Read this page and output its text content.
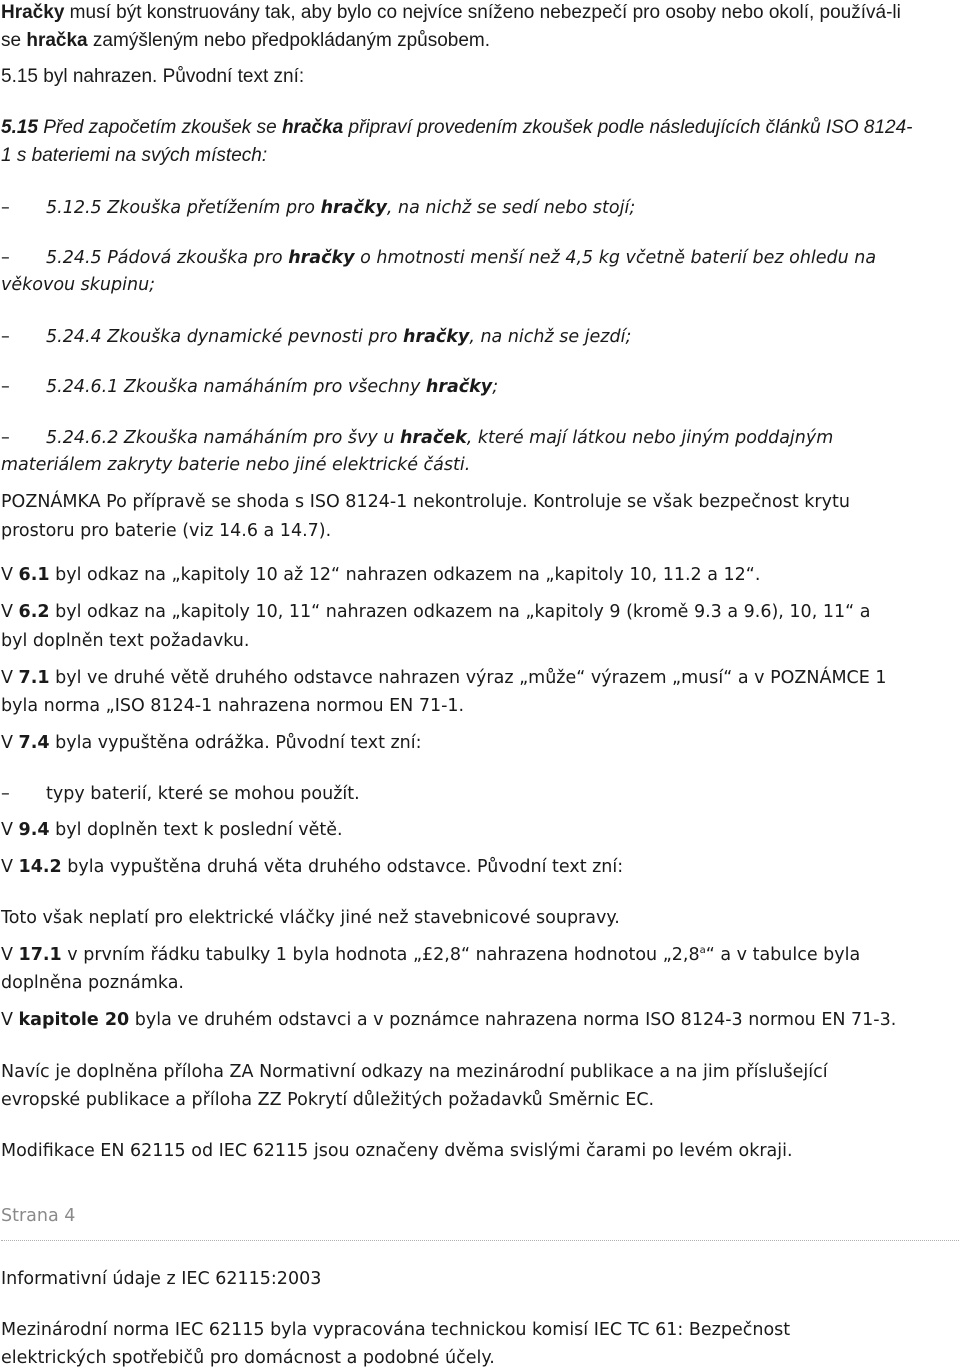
Hračky musí být konstruovány tak, aby bylo co nejvíce sníženo nebezpečí pro osoby nebo okolí, používá-li
se hračka zamýšleným nebo předpokládaným způsobem.
5.15 byl nahrazen. Původní text zní:
5.15 Před započetím zkoušek se hračka připraví provedením zkoušek podle následujících článků ISO 8124-
1 s bateriemi na svých místech:
– 5.12.5 Zkouška přetížením pro hračky, na nichž se sedí nebo stojí;
– 5.24.5 Pádová zkouška pro hračky o hmotnosti menší než 4,5 kg včetně baterií bez ohledu na
věkovou skupinu;
– 5.24.4 Zkouška dynamické pevnosti pro hračky, na nichž se jezdí;
– 5.24.6.1 Zkouška namáháním pro všechny hračky;
– 5.24.6.2 Zkouška namáháním pro švy u hraček, které mají látkou nebo jiným poddajným
materiálem zakryty baterie nebo jiné elektrické části.
POZNÁMKA Po přípravě se shoda s ISO 8124-1 nekontroluje. Kontroluje se však bezpečnost krytu
prostoru pro baterie (viz 14.6 a 14.7).
V 6.1 byl odkaz na „kapitoly 10 až 12“ nahrazen odkazem na „kapitoly 10, 11.2 a 12“.
V 6.2 byl odkaz na „kapitoly 10, 11“ nahrazen odkazem na „kapitoly 9 (kromě 9.3 a 9.6), 10, 11“ a
byl doplněn text požadavku.
V 7.1 byl ve druhé větě druhého odstavce nahrazen výraz „může“ výrazem „musí“ a v POZNÁMCE 1
byla norma „ISO 8124-1 nahrazena normou EN 71-1.
V 7.4 byla vypuštěna odrážka. Původní text zní:
– typy baterií, které se mohou použít.
V 9.4 byl doplněn text k poslední větě.
V 14.2 byla vypuštěna druhá věta druhého odstavce. Původní text zní:
Toto však neplatí pro elektrické vláčky jiné než stavebnicové soupravy.
V 17.1 v prvním řádku tabulky 1 byla hodnota „£2,8“ nahrazena hodnotou „2,8$^a$“ a v tabulce byla
doplněna poznámka.
V kapitole 20 byla ve druhém odstavci a v poznámce nahrazena norma ISO 8124-3 normou EN 71-3.
Navíc je doplněna příloha ZA Normativní odkazy na mezinárodní publikace a na jim příslušející
evropské publikace a příloha ZZ Pokrytí důležitých požadavků Směrnic EC.
Modifikace EN 62115 od IEC 62115 jsou označeny dvěma svislými čarami po levém okraji.
Strana 4
Informativní údaje z IEC 62115:2003
Mezinárodní norma IEC 62115 byla vypracována technickou komisí IEC TC 61: Bezpečnost
elektrických spotřebičů pro domácnost a podobné účely.
